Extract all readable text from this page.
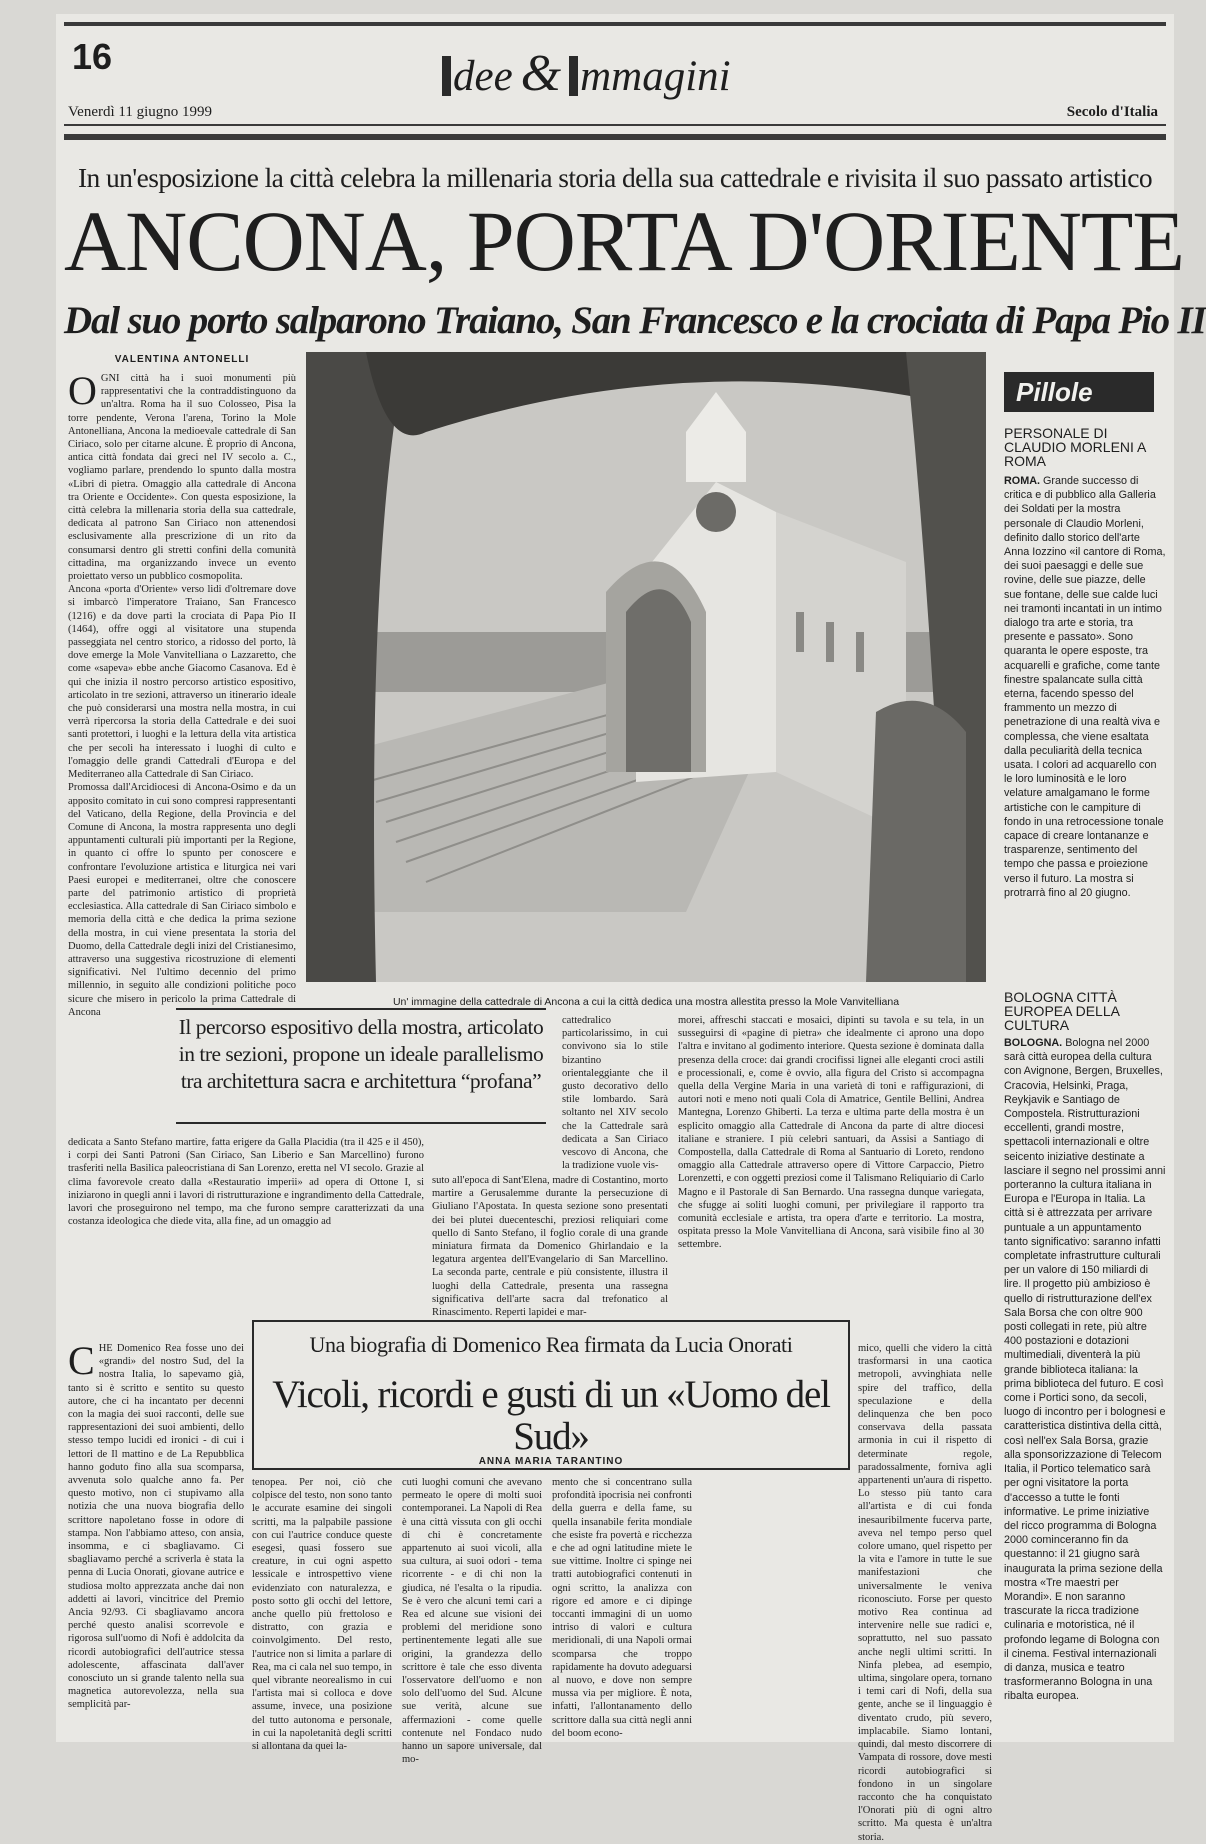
16	dee & mmagini
Venerdì 11 giugno 1999	Secolo d'Italia
In un'esposizione la città celebra la millenaria storia della sua cattedrale e rivisita il suo passato artistico
ANCONA, PORTA D'ORIENTE
Dal suo porto salparono Traiano, San Francesco e la crociata di Papa Pio II
VALENTINA ANTONELLI
O GNI città ha i suoi monumenti più rappresentativi che la contraddistinguono da un'altra. Roma ha il suo Colosseo, Pisa la torre pendente, Verona l'arena, Torino la Mole Antonelliana, Ancona la medioevale cattedrale di San Ciriaco, solo per citarne alcune. È proprio di Ancona, antica città fondata dai greci nel IV secolo a. C., vogliamo parlare, prendendo lo spunto dalla mostra «Libri di pietra. Omaggio alla cattedrale di Ancona tra Oriente e Occidente». Con questa esposizione, la città celebra la millenaria storia della sua cattedrale, dedicata al patrono San Ciriaco non attenendosi esclusivamente alla prescrizione di un rito da consumarsi dentro gli stretti confini della comunità cittadina, ma organizzando invece un evento proiettato verso un pubblico cosmopolita.
Ancona «porta d'Oriente» verso lidi d'oltremare dove si imbarcò l'imperatore Traiano, San Francesco (1216) e da dove partì la crociata di Papa Pio II (1464), offre oggi al visitatore una stupenda passeggiata nel centro storico, a ridosso del porto, là dove emerge la Mole Vanvitelliana o Lazzaretto, che come «sapeva» ebbe anche Giacomo Casanova. Ed è qui che inizia il nostro percorso artistico espositivo, articolato in tre sezioni, attraverso un itinerario ideale che può considerarsi una mostra nella mostra, in cui verrà ripercorsa la storia della Cattedrale e dei suoi santi protettori, i luoghi e la lettura della vita artistica che per secoli ha interessato i luoghi di culto e l'omaggio delle grandi Cattedrali d'Europa e del Mediterraneo alla Cattedrale di San Ciriaco.
Promossa dall'Arcidiocesi di Ancona-Osimo e da un apposito comitato in cui sono compresi rappresentanti del Vaticano, della Regione, della Provincia e del Comune di Ancona, la mostra rappresenta uno degli appuntamenti culturali più importanti per la Regione, in quanto ci offre lo spunto per conoscere e confrontare l'evoluzione artistica e liturgica nei vari Paesi europei e mediterranei, oltre che conoscere parte del patrimonio artistico di proprietà ecclesiastica. Alla cattedrale di San Ciriaco simbolo e memoria della città e che dedica la prima sezione della mostra, in cui viene presentata la storia del Duomo, della Cattedrale degli inizi del Cristianesimo, attraverso una suggestiva ricostruzione di elementi significativi. Nel l'ultimo decennio del primo millennio, in seguito alle condizioni politiche poco sicure che misero in pericolo la prima Cattedrale di Ancona
Un' immagine della cattedrale di Ancona a cui la città dedica una mostra allestita presso la Mole Vanvitelliana
Il percorso espositivo della mostra, articolato in tre sezioni, propone un ideale parallelismo tra architettura sacra e architettura “profana”
dedicata a Santo Stefano martire, fatta erigere da Galla Placidia (tra il 425 e il 450), i corpi dei Santi Patroni (San Ciriaco, San Liberio e San Marcellino) furono trasferiti nella Basilica paleocristiana di San Lorenzo, eretta nel VI secolo. Grazie al clima favorevole creato dalla «Restauratio imperii» ad opera di Ottone I, si iniziarono in quegli anni i lavori di ristrutturazione e ingrandimento della Cattedrale, lavori che proseguirono nel tempo, ma che furono sempre caratterizzati da una costanza ideologica che diede vita, alla fine, ad un omaggio ad
cattedralico particolarissimo, in cui convivono sia lo stile bizantino orientaleggiante che il gusto decorativo dello stile lombardo. Sarà soltanto nel XIV secolo che la Cattedrale sarà dedicata a San Ciriaco vescovo di Ancona, che la tradizione vuole vis-
suto all'epoca di Sant'Elena, madre di Costantino, morto martire a Gerusalemme durante la persecuzione di Giuliano l'Apostata. In questa sezione sono presentati dei bei plutei duecenteschi, preziosi reliquiari come quello di Santo Stefano, il foglio corale di una grande miniatura firmata da Domenico Ghirlandaio e la legatura argentea dell'Evangelario di San Marcellino. La seconda parte, centrale e più consistente, illustra il luoghi della Cattedrale, presenta una rassegna significativa dell'arte sacra dal trefonatico al Rinascimento. Reperti lapidei e mar-
morei, affreschi staccati e mosaici, dipinti su tavola e su tela, in un susseguirsi di «pagine di pietra» che idealmente ci aprono una dopo l'altra e invitano al godimento interiore. Questa sezione è dominata dalla presenza della croce: dai grandi crocifissi lignei alle eleganti croci astili e processionali, e, come è ovvio, alla figura del Cristo si accompagna quella della Vergine Maria in una varietà di toni e raffigurazioni, di autori noti e meno noti quali Cola di Amatrice, Gentile Bellini, Andrea Mantegna, Lorenzo Ghiberti. La terza e ultima parte della mostra è un esplicito omaggio alla Cattedrale di Ancona da parte di altre diocesi italiane e straniere. I più celebri santuari, da Assisi a Santiago di Compostella, dalla Cattedrale di Roma al Santuario di Loreto, rendono omaggio alla Cattedrale attraverso opere di Vittore Carpaccio, Pietro Lorenzetti, e con oggetti preziosi come il Talismano Reliquiario di Carlo Magno e il Pastorale di San Bernardo. Una rassegna dunque variegata, che sfugge ai soliti luoghi comuni, per privilegiare il rapporto tra comunità ecclesiale e artista, tra opera d'arte e territorio. La mostra, ospitata presso la Mole Vanvitelliana di Ancona, sarà visibile fino al 30 settembre.
Pillole
PERSONALE DI CLAUDIO MORLENI A ROMA
ROMA. Grande successo di critica e di pubblico alla Galleria dei Soldati per la mostra personale di Claudio Morleni, definito dallo storico dell'arte Anna Iozzino «il cantore di Roma, dei suoi paesaggi e delle sue rovine, delle sue piazze, delle sue fontane, delle sue calde luci nei tramonti incantati in un intimo dialogo tra arte e storia, tra presente e passato». Sono quaranta le opere esposte, tra acquarelli e grafiche, come tante finestre spalancate sulla città eterna, facendo spesso del frammento un mezzo di penetrazione di una realtà viva e complessa, che viene esaltata dalla peculiarità della tecnica usata. I colori ad acquarello con le loro luminosità e le loro velature amalgamano le forme artistiche con le campiture di fondo in una retrocessione tonale capace di creare lontananze e trasparenze, sentimento del tempo che passa e proiezione verso il futuro. La mostra si protrarrà fino al 20 giugno.
BOLOGNA CITTÀ EUROPEA DELLA CULTURA
BOLOGNA. Bologna nel 2000 sarà città europea della cultura con Avignone, Bergen, Bruxelles, Cracovia, Helsinki, Praga, Reykjavik e Santiago de Compostela. Ristrutturazioni eccellenti, grandi mostre, spettacoli internazionali e oltre seicento iniziative destinate a lasciare il segno nel prossimi anni porteranno la cultura italiana in Europa e l'Europa in Italia. La città si è attrezzata per arrivare puntuale a un appuntamento tanto significativo: saranno infatti completate infrastrutture culturali per un valore di 150 miliardi di lire. Il progetto più ambizioso è quello di ristrutturazione dell'ex Sala Borsa che con oltre 900 posti collegati in rete, più altre 400 postazioni e dotazioni multimediali, diventerà la più grande biblioteca italiana: la prima biblioteca del futuro. E così come i Portici sono, da secoli, luogo di incontro per i bolognesi e caratteristica distintiva della città, così nell'ex Sala Borsa, grazie alla sponsorizzazione di Telecom Italia, il Portico telematico sarà per ogni visitatore la porta d'accesso a tutte le fonti informative. Le prime iniziative del ricco programma di Bologna 2000 cominceranno fin da questanno: il 21 giugno sarà inaugurata la prima sezione della mostra «Tre maestri per Morandi». E non saranno trascurate la ricca tradizione culinaria e motoristica, né il profondo legame di Bologna con il cinema. Festival internazionali di danza, musica e teatro trasformeranno Bologna in una ribalta europea.
Una biografia di Domenico Rea firmata da Lucia Onorati
Vicoli, ricordi e gusti di un «Uomo del Sud»
ANNA MARIA TARANTINO
C HE Domenico Rea fosse uno dei «grandi» del nostro Sud, del la nostra Italia, lo sapevamo già, tanto si è scritto e sentito su questo autore, che ci ha incantato per decenni con la magia dei suoi racconti, delle sue rappresentazioni dei suoi ambienti, dello stesso tempo lucidi ed ironici - di cui i lettori de Il mattino e de La Repubblica hanno goduto fino alla sua scomparsa, avvenuta solo qualche anno fa. Per questo motivo, non ci stupivamo alla notizia che una nuova biografia dello scrittore napoletano fosse in odore di stampa. Non l'abbiamo atteso, con ansia, insomma, e ci sbagliavamo. Ci sbagliavamo perché a scriverla è stata la penna di Lucia Onorati, giovane autrice e studiosa molto apprezzata anche dai non addetti ai lavori, vincitrice del Premio Ancia 92/93. Ci sbagliavamo ancora perché questo analisi scorrevole e rigorosa sull'uomo di Nofi è addolcita da ricordi autobiografici dell'autrice stessa adolescente, affascinata dall'aver conosciuto un si grande talento nella sua magnetica autorevolezza, nella sua semplicità par-
tenopea. Per noi, ciò che colpisce del testo, non sono tanto le accurate esamine dei singoli scritti, ma la palpabile passione con cui l'autrice conduce queste esegesi, quasi fossero sue creature, in cui ogni aspetto lessicale e introspettivo viene evidenziato con naturalezza, e posto sotto gli occhi del lettore, anche quello più frettoloso e distratto, con grazia e coinvolgimento. Del resto, l'autrice non si limita a parlare di Rea, ma ci cala nel suo tempo, in quel vibrante neorealismo in cui l'artista mai si colloca e dove assume, invece, una posizione del tutto autonoma e personale, in cui la napoletanità degli scritti si allontana da quei la-
cuti luoghi comuni che avevano permeato le opere di molti suoi contemporanei. La Napoli di Rea è una città vissuta con gli occhi di chi è concretamente appartenuto ai suoi vicoli, alla sua cultura, ai suoi odori - tema ricorrente - e di chi non la giudica, né l'esalta o la ripudia. Se è vero che alcuni temi cari a Rea ed alcune sue visioni dei problemi del meridione sono pertinentemente legati alle sue origini, la grandezza dello scrittore è tale che esso diventa l'osservatore dell'uomo e non solo dell'uomo del Sud. Alcune sue verità, alcune sue affermazioni - come quelle contenute nel Fondaco nudo hanno un sapore universale, dal mo-
mento che si concentrano sulla profondità ipocrisia nei confronti della guerra e della fame, su quella insanabile ferita mondiale che esiste fra povertà e ricchezza e che ad ogni latitudine miete le sue vittime. Inoltre ci spinge nei tratti autobiografici contenuti in ogni scritto, la analizza con rigore ed amore e ci dipinge toccanti immagini di un uomo intriso di valori e cultura meridionali, di una Napoli ormai scomparsa che troppo rapidamente ha dovuto adeguarsi al nuovo, e dove non sempre mussa via per migliore. È nota, infatti, l'allontanamento dello scrittore dalla sua città negli anni del boom econo-
mico, quelli che videro la città trasformarsi in una caotica metropoli, avvinghiata nelle spire del traffico, della speculazione e della delinquenza che ben poco conservava della passata armonia in cui il rispetto di determinate regole, paradossalmente, forniva agli appartenenti un'aura di rispetto. Lo stesso più tanto cara all'artista e di cui fonda inesauribilmente fucerva parte, aveva nel tempo perso quel colore umano, quel rispetto per la vita e l'amore in tutte le sue manifestazioni che universalmente le veniva riconosciuto. Forse per questo motivo Rea continua ad intervenire nelle sue radici e, soprattutto, nel suo passato anche negli ultimi scritti. In Ninfa plebea, ad esempio, ultima, singolare opera, tornano i temi cari di Nofi, della sua gente, anche se il linguaggio è diventato crudo, più severo, implacabile. Siamo lontani, quindi, dal mesto discorrere di Vampata di rossore, dove mesti ricordi autobiografici si fondono in un singolare racconto che ha conquistato l'Onorati più di ogni altro scritto. Ma questa è un'altra storia.
